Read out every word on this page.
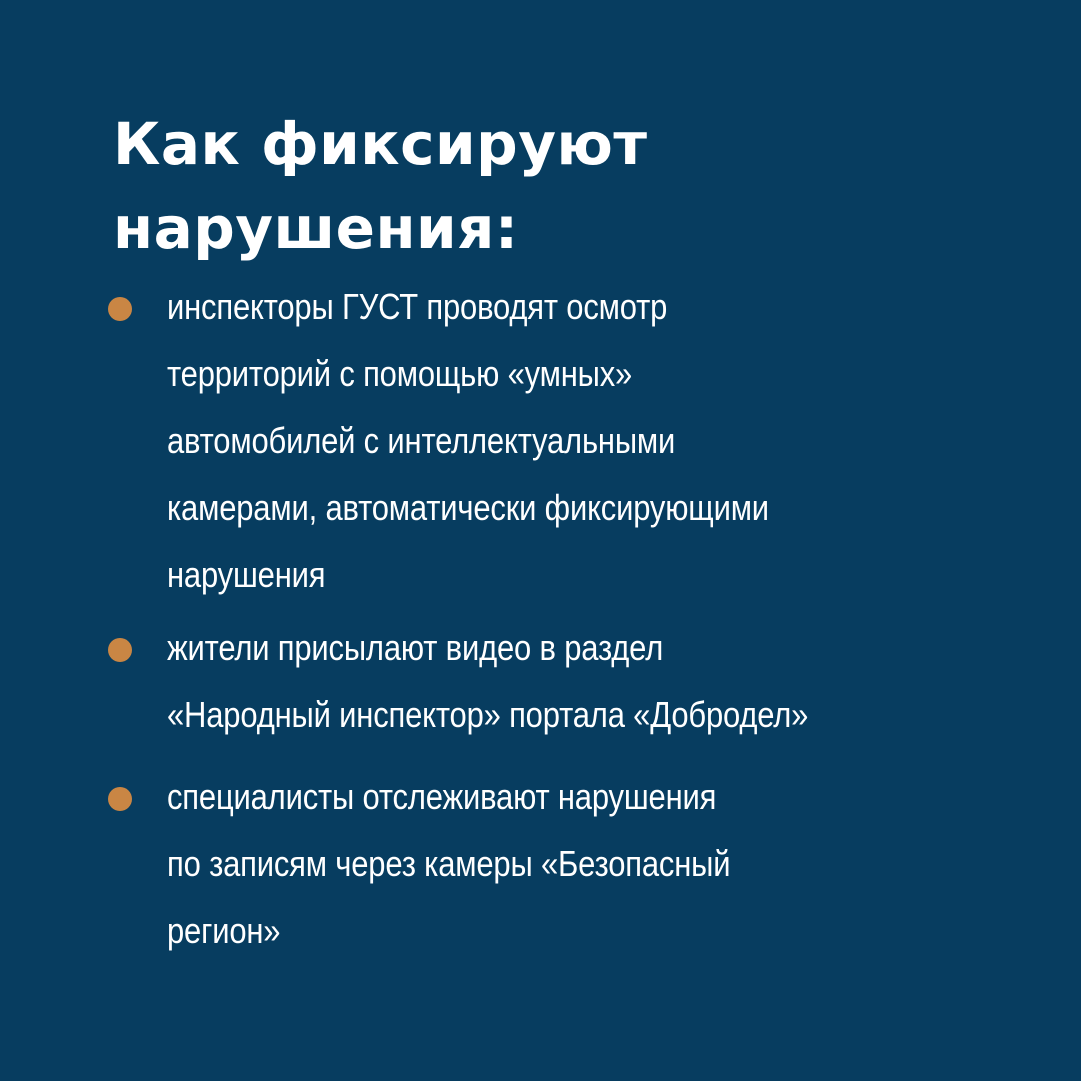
Как фиксируют
нарушения:
инспекторы ГУСТ проводят осмотр
территорий с помощью «умных»
автомобилей с интеллектуальными
камерами, автоматически фиксирующими
нарушения
жители присылают видео в раздел
«Народный инспектор» портала «Добродел»
специалисты отслеживают нарушения
по записям через камеры «Безопасный
регион»
